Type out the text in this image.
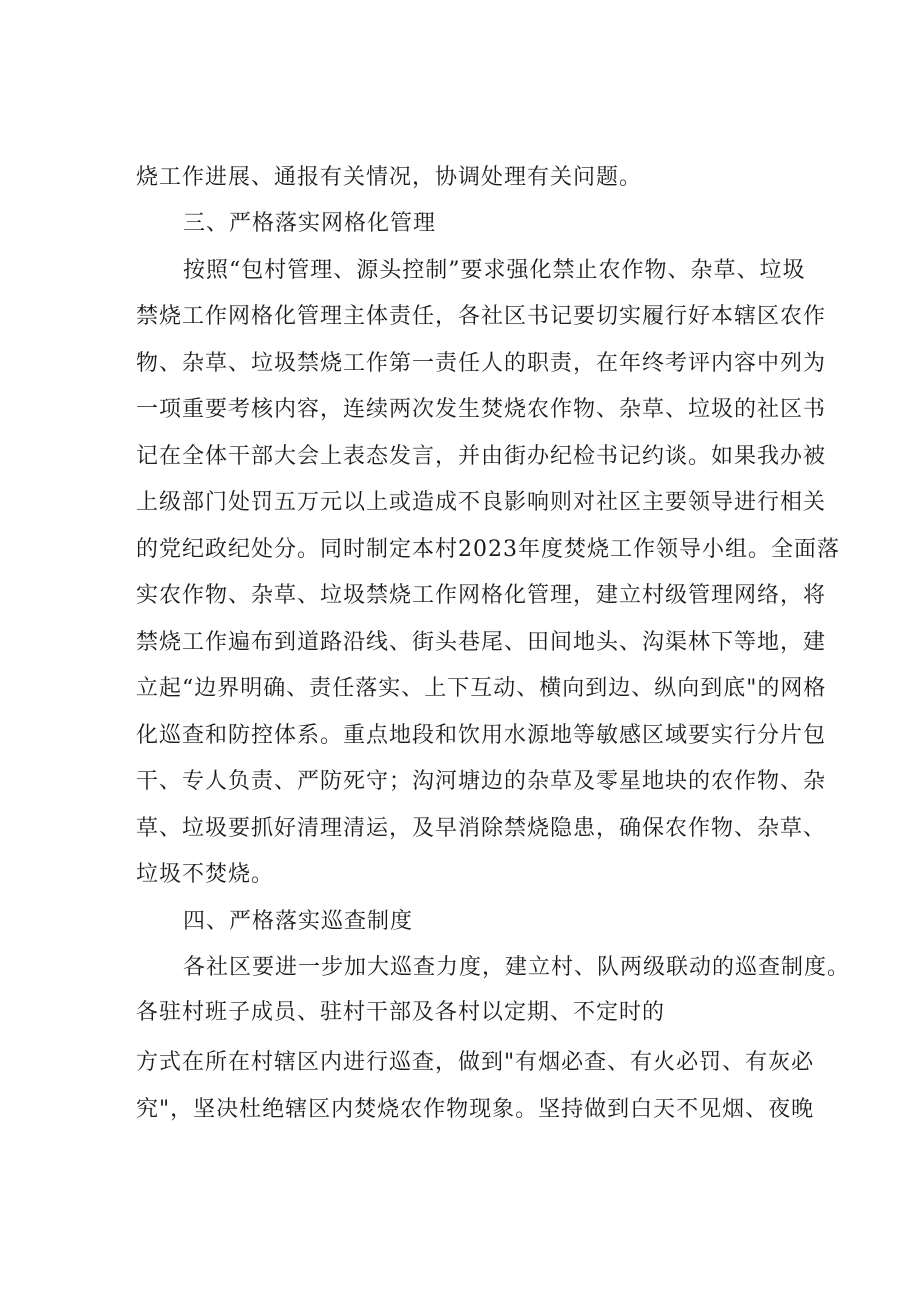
烧工作进展、通报有关情况，协调处理有关问题。
三、严格落实网格化管理
按照“包村管理、源头控制”要求强化禁止农作物、杂草、垃圾
禁烧工作网格化管理主体责任，各社区书记要切实履行好本辖区农作
物、杂草、垃圾禁烧工作第一责任人的职责，在年终考评内容中列为
一项重要考核内容，连续两次发生焚烧农作物、杂草、垃圾的社区书
记在全体干部大会上表态发言，并由街办纪检书记约谈。如果我办被
上级部门处罚五万元以上或造成不良影响则对社区主要领导进行相关
的党纪政纪处分。同时制定本村2023年度焚烧工作领导小组。全面落
实农作物、杂草、垃圾禁烧工作网格化管理，建立村级管理网络，将
禁烧工作遍布到道路沿线、街头巷尾、田间地头、沟渠林下等地，建
立起“边界明确、责任落实、上下互动、横向到边、纵向到底"的网格
化巡查和防控体系。重点地段和饮用水源地等敏感区域要实行分片包
干、专人负责、严防死守；沟河塘边的杂草及零星地块的农作物、杂
草、垃圾要抓好清理清运，及早消除禁烧隐患，确保农作物、杂草、
垃圾不焚烧。
四、严格落实巡查制度
各社区要进一步加大巡查力度，建立村、队两级联动的巡查制度。
各驻村班子成员、驻村干部及各村以定期、不定时的
方式在所在村辖区内进行巡查，做到"有烟必查、有火必罚、有灰必
究"，坚决杜绝辖区内焚烧农作物现象。坚持做到白天不见烟、夜晚
